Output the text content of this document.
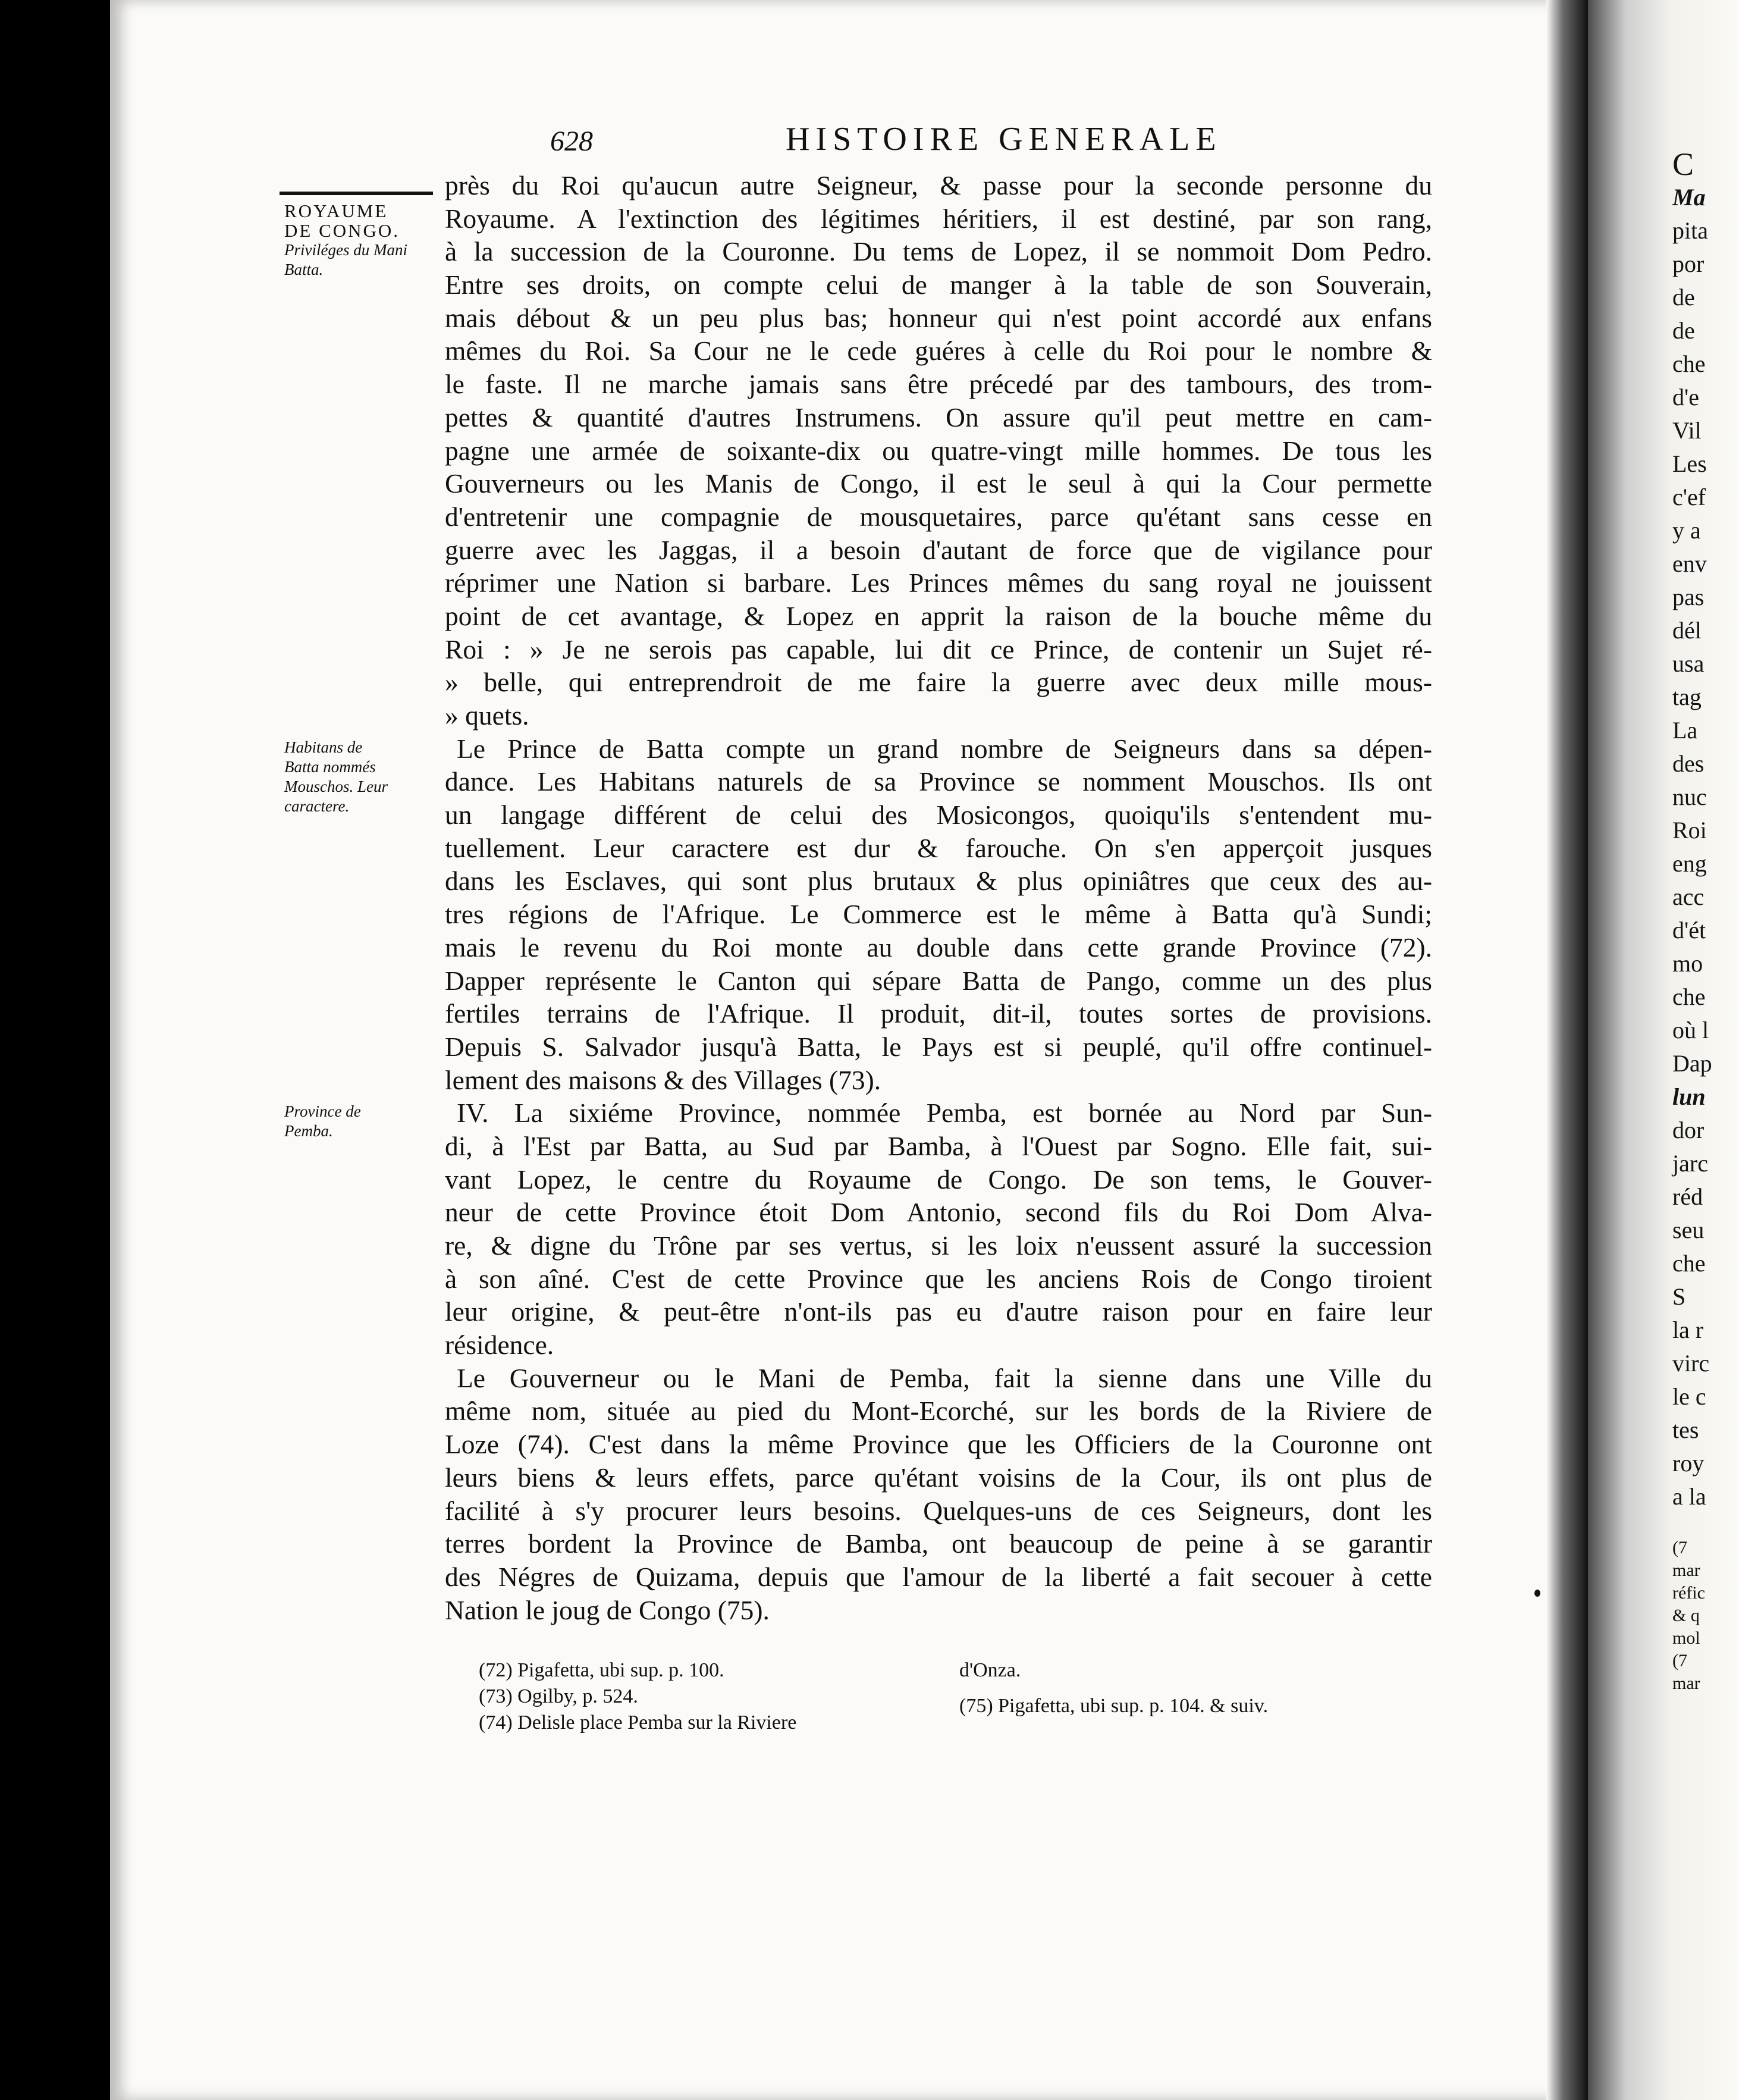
628	HISTOIRE GENERALE
ROYAUME
DE CONGO.
Priviléges du Mani
Batta.
Habitans de
Batta nommés
Mouschos. Leur
caractere.
Province de
Pemba.
près du Roi qu'aucun autre Seigneur, & passe pour la seconde personne du
Royaume. A l'extinction des légitimes héritiers, il est destiné, par son rang,
à la succession de la Couronne. Du tems de Lopez, il se nommoit Dom Pedro.
Entre ses droits, on compte celui de manger à la table de son Souverain,
mais débout & un peu plus bas; honneur qui n'est point accordé aux enfans
mêmes du Roi. Sa Cour ne le cede guéres à celle du Roi pour le nombre &
le faste. Il ne marche jamais sans être précedé par des tambours, des trom-
pettes & quantité d'autres Instrumens. On assure qu'il peut mettre en cam-
pagne une armée de soixante-dix ou quatre-vingt mille hommes. De tous les
Gouverneurs ou les Manis de Congo, il est le seul à qui la Cour permette
d'entretenir une compagnie de mousquetaires, parce qu'étant sans cesse en
guerre avec les Jaggas, il a besoin d'autant de force que de vigilance pour
réprimer une Nation si barbare. Les Princes mêmes du sang royal ne jouissent
point de cet avantage, & Lopez en apprit la raison de la bouche même du
Roi : » Je ne serois pas capable, lui dit ce Prince, de contenir un Sujet ré-
» belle, qui entreprendroit de me faire la guerre avec deux mille mous-
» quets.
Le Prince de Batta compte un grand nombre de Seigneurs dans sa dépen-
dance. Les Habitans naturels de sa Province se nomment Mouschos. Ils ont
un langage différent de celui des Mosicongos, quoiqu'ils s'entendent mu-
tuellement. Leur caractere est dur & farouche. On s'en apperçoit jusques
dans les Esclaves, qui sont plus brutaux & plus opiniâtres que ceux des au-
tres régions de l'Afrique. Le Commerce est le même à Batta qu'à Sundi;
mais le revenu du Roi monte au double dans cette grande Province (72).
Dapper représente le Canton qui sépare Batta de Pango, comme un des plus
fertiles terrains de l'Afrique. Il produit, dit-il, toutes sortes de provisions.
Depuis S. Salvador jusqu'à Batta, le Pays est si peuplé, qu'il offre continuel-
lement des maisons & des Villages (73).
IV. La sixiéme Province, nommée Pemba, est bornée au Nord par Sun-
di, à l'Est par Batta, au Sud par Bamba, à l'Ouest par Sogno. Elle fait, sui-
vant Lopez, le centre du Royaume de Congo. De son tems, le Gouver-
neur de cette Province étoit Dom Antonio, second fils du Roi Dom Alva-
re, & digne du Trône par ses vertus, si les loix n'eussent assuré la succession
à son aîné. C'est de cette Province que les anciens Rois de Congo tiroient
leur origine, & peut-être n'ont-ils pas eu d'autre raison pour en faire leur
résidence.
Le Gouverneur ou le Mani de Pemba, fait la sienne dans une Ville du
même nom, située au pied du Mont-Ecorché, sur les bords de la Riviere de
Loze (74). C'est dans la même Province que les Officiers de la Couronne ont
leurs biens & leurs effets, parce qu'étant voisins de la Cour, ils ont plus de
facilité à s'y procurer leurs besoins. Quelques-uns de ces Seigneurs, dont les
terres bordent la Province de Bamba, ont beaucoup de peine à se garantir
des Négres de Quizama, depuis que l'amour de la liberté a fait secouer à cette
Nation le joug de Congo (75).
(72) Pigafetta, ubi sup. p. 100.
(73) Ogilby, p. 524.
(74) Delisle place Pemba sur la Riviere
d'Onza.
(75) Pigafetta, ubi sup. p. 104. & suiv.
C
Ma
pita
por
de
de
che
d'e
Vil
Les
c'ef
y a
env
pas
dél
usa
tag
La
des
nuc
Roi
eng
acc
d'ét
mo
che
où l
Dap
lun
dor
jarc
réd
seu
che
S
la r
virc
le c
tes
roy
a la
(7
mar
réfic
& q
mol
(7
mar
